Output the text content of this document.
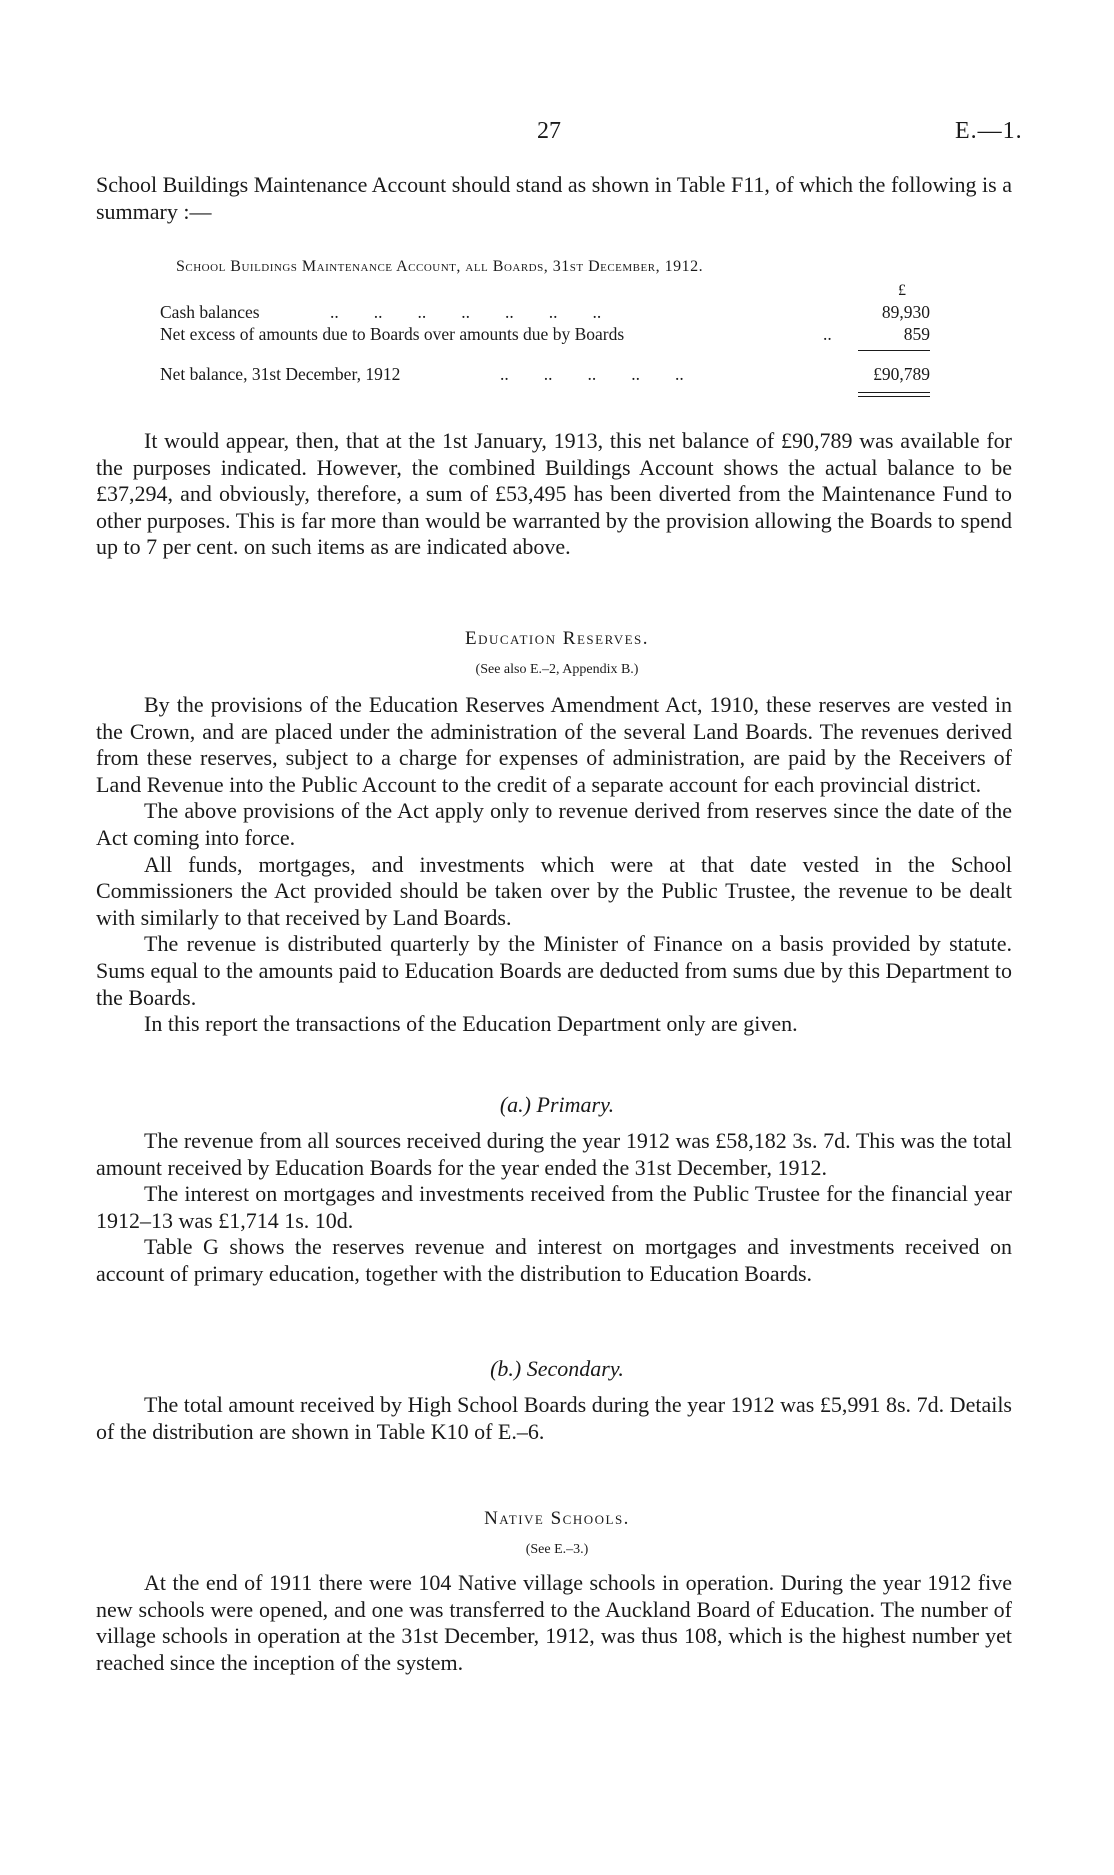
27	E.—1.

School Buildings Maintenance Account should stand as shown in Table F11, of which the following is a summary :—

School Buildings Maintenance Account, all Boards, 31st December, 1912.
£
Cash balances	..        ..        ..        ..        ..        ..        ..	89,930
Net excess of amounts due to Boards over amounts due by Boards	..	859
Net balance, 31st December, 1912	..        ..        ..        ..        ..	£90,789

It would appear, then, that at the 1st January, 1913, this net balance of £90,789 was available for the purposes indicated. However, the combined Buildings Account shows the actual balance to be £37,294, and obviously, therefore, a sum of £53,495 has been diverted from the Maintenance Fund to other purposes. This is far more than would be warranted by the provision allowing the Boards to spend up to 7 per cent. on such items as are indicated above.

Education Reserves.
(See also E.–2, Appendix B.)

By the provisions of the Education Reserves Amendment Act, 1910, these reserves are vested in the Crown, and are placed under the administration of the several Land Boards. The revenues derived from these reserves, subject to a charge for expenses of administration, are paid by the Receivers of Land Revenue into the Public Account to the credit of a separate account for each provincial district.

The above provisions of the Act apply only to revenue derived from reserves since the date of the Act coming into force.

All funds, mortgages, and investments which were at that date vested in the School Commissioners the Act provided should be taken over by the Public Trustee, the revenue to be dealt with similarly to that received by Land Boards.

The revenue is distributed quarterly by the Minister of Finance on a basis provided by statute. Sums equal to the amounts paid to Education Boards are deducted from sums due by this Department to the Boards.

In this report the transactions of the Education Department only are given.

(a.) Primary.

The revenue from all sources received during the year 1912 was £58,182 3s. 7d. This was the total amount received by Education Boards for the year ended the 31st December, 1912.

The interest on mortgages and investments received from the Public Trustee for the financial year 1912–13 was £1,714 1s. 10d.

Table G shows the reserves revenue and interest on mortgages and investments received on account of primary education, together with the distribution to Education Boards.

(b.) Secondary.

The total amount received by High School Boards during the year 1912 was £5,991 8s. 7d. Details of the distribution are shown in Table K10 of E.–6.

Native Schools.
(See E.–3.)

At the end of 1911 there were 104 Native village schools in operation. During the year 1912 five new schools were opened, and one was transferred to the Auckland Board of Education. The number of village schools in operation at the 31st December, 1912, was thus 108, which is the highest number yet reached since the inception of the system.
